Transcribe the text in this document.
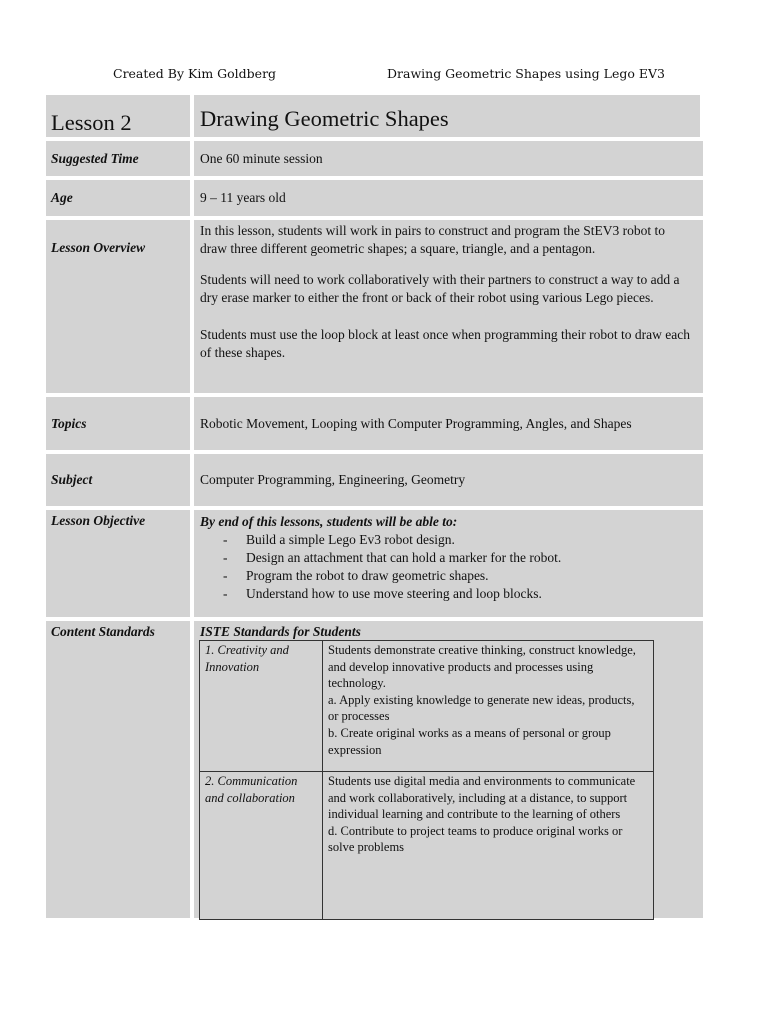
Created By Kim Goldberg	Drawing Geometric Shapes using Lego EV3
Lesson 2	Drawing Geometric Shapes
Suggested Time	One 60 minute session
Age	9 – 11 years old
Lesson Overview

In this lesson, students will work in pairs to construct and program the StEV3 robot to draw three different geometric shapes; a square, triangle, and a pentagon.

Students will need to work collaboratively with their partners to construct a way to add a dry erase marker to either the front or back of their robot using various Lego pieces.

Students must use the loop block at least once when programming their robot to draw each of these shapes.

Topics	Robotic Movement, Looping with Computer Programming, Angles, and Shapes
Subject	Computer Programming, Engineering, Geometry
Lesson Objective	By end of this lessons, students will be able to:
- Build a simple Lego Ev3 robot design.
- Design an attachment that can hold a marker for the robot.
- Program the robot to draw geometric shapes.
- Understand how to use move steering and loop blocks.
Content Standards	ISTE Standards for Students
1. Creativity and Innovation	Students demonstrate creative thinking, construct knowledge, and develop innovative products and processes using technology.
a. Apply existing knowledge to generate new ideas, products, or processes
b. Create original works as a means of personal or group expression

2. Communication and collaboration	Students use digital media and environments to communicate and work collaboratively, including at a distance, to support individual learning and contribute to the learning of others
d. Contribute to project teams to produce original works or solve problems
